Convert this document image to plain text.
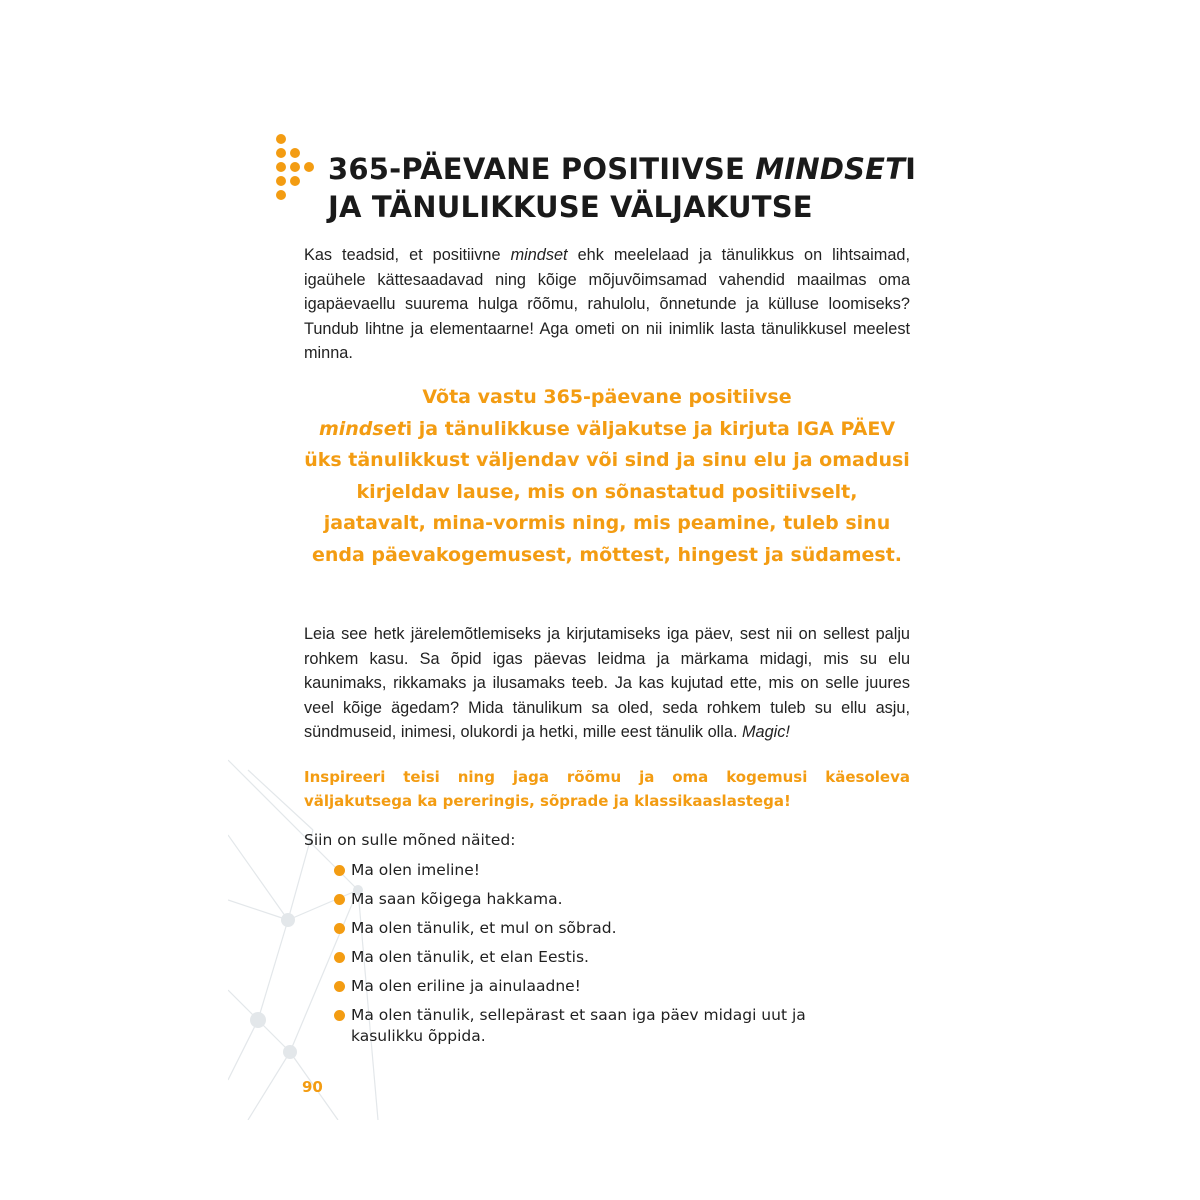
365-PÄEVANE POSITIIVSE MINDSETI JA TÄNULIKKUSE VÄLJAKUTSE
Kas teadsid, et positiivne mindset ehk meelelaad ja tänulikkus on lihtsaimad, igaühele kättesaadavad ning kõige mõjuvõimsamad vahendid maailmas oma igapäevaellu suurema hulga rõõmu, rahulolu, õnnetunde ja külluse loomiseks? Tundub lihtne ja elementaarne! Aga ometi on nii inimlik lasta tänulikkusel meelest minna.
Võta vastu 365-päevane positiivse
mindseti ja tänulikkuse väljakutse ja kirjuta IGA PÄEV üks tänulikkust väljendav või sind ja sinu elu ja omadusi kirjeldav lause, mis on sõnastatud positiivselt, jaatavalt, mina-vormis ning, mis peamine, tuleb sinu enda päevakogemusest, mõttest, hingest ja südamest.
Leia see hetk järelemõtlemiseks ja kirjutamiseks iga päev, sest nii on sellest palju rohkem kasu. Sa õpid igas päevas leidma ja märkama midagi, mis su elu kaunimaks, rikkamaks ja ilusamaks teeb. Ja kas kujutad ette, mis on selle juures veel kõige ägedam? Mida tänulikum sa oled, seda rohkem tuleb su ellu asju, sündmuseid, inimesi, olukordi ja hetki, mille eest tänulik olla. Magic!
Inspireeri teisi ning jaga rõõmu ja oma kogemusi käesoleva väljakutsega ka pereringis, sõprade ja klassikaaslastega!
Siin on sulle mõned näited:
Ma olen imeline!
Ma saan kõigega hakkama.
Ma olen tänulik, et mul on sõbrad.
Ma olen tänulik, et elan Eestis.
Ma olen eriline ja ainulaadne!
Ma olen tänulik, sellepärast et saan iga päev midagi uut ja kasulikku õppida.
90
